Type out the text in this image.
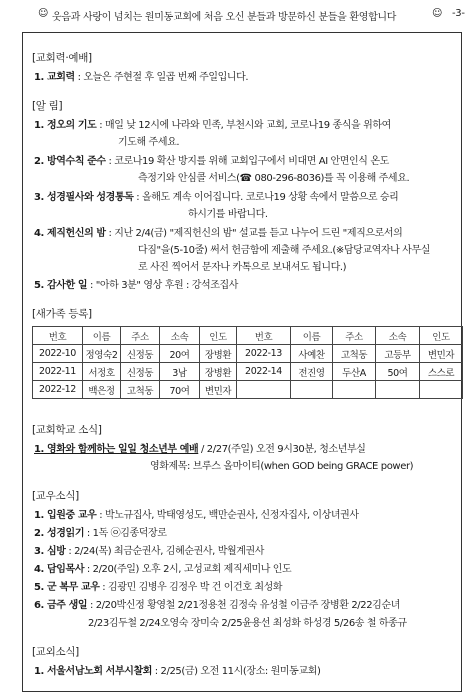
☺ 웃음과 사랑이 넘치는 원미동교회에 처음 오신 분들과 방문하신 분들을 환영합니다	☺ -3-
[교회력·예배]
1. 교회력 : 오늘은 주현절 후 일곱 번째 주일입니다.
[알 림]
1. 정오의 기도 : 매일 낮 12시에 나라와 민족, 부천시와 교회, 코로나19 종식을 위하여
기도해 주세요.
2. 방역수칙 준수 : 코로나19 확산 방지를 위해 교회입구에서 비대면 AI 안면인식 온도
측정기와 안심콜 서비스(☎ 080-296-8036)를 꼭 이용해 주세요.
3. 성경필사와 성경통독 : 올해도 계속 이어집니다. 코로나19 상황 속에서 말씀으로 승리
하시기를 바랍니다.
4. 제직헌신의 밤 : 지난 2/4(금) "제직헌신의 밤" 설교를 듣고 나누어 드린 "제직으로서의
다짐"을(5-10줄) 써서 헌금함에 제출해 주세요.(※담당교역자나 사무실
로 사진 찍어서 문자나 카톡으로 보내셔도 됩니다.)
5. 감사한 일 : "아하 3분" 영상 후원 : 강석조집사
[새가족 등록]
번호	이름	주소	소속	인도	번호	이름	주소	소속	인도
2022-10	정영숙2	신정동	20여	장병환	2022-13	사예찬	고척동	고등부	변민자
2022-11	서정호	신정동	3남	장병환	2022-14	전진영	두산A	50여	스스로
2022-12	백은정	고척동	70여	변민자					
[교회학교 소식]
1. 영화와 함께하는 일일 청소년부 예배 / 2/27(주일) 오전 9시30분, 청소년부실
영화제목: 브루스 올마이티(when GOD being GRACE power)
[교우소식]
1. 입원중 교우 : 박노규집사, 박태영성도, 백만순권사, 신정자집사, 이상녀권사
2. 성경읽기 : 1독 ㉧김종덕장로
3. 심방 : 2/24(목) 최금순권사, 김혜순권사, 박월계권사
4. 담임목사 : 2/20(주일) 오후 2시, 고성교회 제직세미나 인도
5. 군 복무 교우 : 김광민 김병우 김정우 박 건 이건호 최성화
6. 금주 생일 : 2/20박신정 황영철 2/21정용천 김정숙 유성철 이금주 장병환 2/22김순녀
2/23김두철 2/24오영숙 장미숙 2/25윤용선 최성화 하성경 5/26송 철 하종규
[교외소식]
1. 서울서남노회 서부시찰회 : 2/25(금) 오전 11시(장소: 원미동교회)
